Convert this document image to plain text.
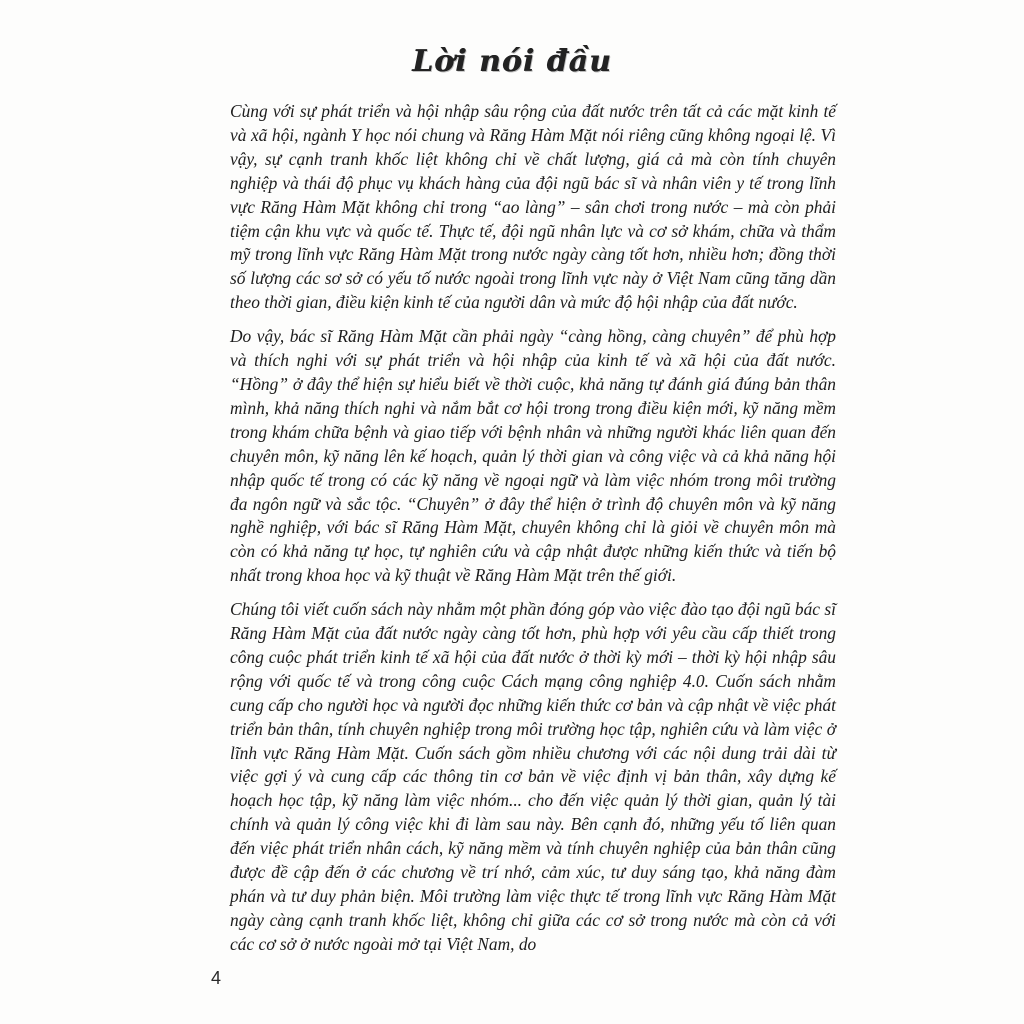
Lời nói đầu

Cùng với sự phát triển và hội nhập sâu rộng của đất nước trên tất cả các mặt kinh tế và xã hội, ngành Y học nói chung và Răng Hàm Mặt nói riêng cũng không ngoại lệ. Vì vậy, sự cạnh tranh khốc liệt không chỉ về chất lượng, giá cả mà còn tính chuyên nghiệp và thái độ phục vụ khách hàng của đội ngũ bác sĩ và nhân viên y tế trong lĩnh vực Răng Hàm Mặt không chỉ trong “ao làng” – sân chơi trong nước – mà còn phải tiệm cận khu vực và quốc tế. Thực tế, đội ngũ nhân lực và cơ sở khám, chữa và thẩm mỹ trong lĩnh vực Răng Hàm Mặt trong nước ngày càng tốt hơn, nhiều hơn; đồng thời số lượng các sơ sở có yếu tố nước ngoài trong lĩnh vực này ở Việt Nam cũng tăng dần theo thời gian, điều kiện kinh tế của người dân và mức độ hội nhập của đất nước.

Do vậy, bác sĩ Răng Hàm Mặt cần phải ngày “càng hồng, càng chuyên” để phù hợp và thích nghi với sự phát triển và hội nhập của kinh tế và xã hội của đất nước. “Hồng” ở đây thể hiện sự hiểu biết về thời cuộc, khả năng tự đánh giá đúng bản thân mình, khả năng thích nghi và nắm bắt cơ hội trong trong điều kiện mới, kỹ năng mềm trong khám chữa bệnh và giao tiếp với bệnh nhân và những người khác liên quan đến chuyên môn, kỹ năng lên kế hoạch, quản lý thời gian và công việc và cả khả năng hội nhập quốc tế trong có các kỹ năng về ngoại ngữ và làm việc nhóm trong môi trường đa ngôn ngữ và sắc tộc. “Chuyên” ở đây thể hiện ở trình độ chuyên môn và kỹ năng nghề nghiệp, với bác sĩ Răng Hàm Mặt, chuyên không chỉ là giỏi về chuyên môn mà còn có khả năng tự học, tự nghiên cứu và cập nhật được những kiến thức và tiến bộ nhất trong khoa học và kỹ thuật về Răng Hàm Mặt trên thế giới.

Chúng tôi viết cuốn sách này nhằm một phần đóng góp vào việc đào tạo đội ngũ bác sĩ Răng Hàm Mặt của đất nước ngày càng tốt hơn, phù hợp với yêu cầu cấp thiết trong công cuộc phát triển kinh tế xã hội của đất nước ở thời kỳ mới – thời kỳ hội nhập sâu rộng với quốc tế và trong công cuộc Cách mạng công nghiệp 4.0. Cuốn sách nhằm cung cấp cho người học và người đọc những kiến thức cơ bản và cập nhật về việc phát triển bản thân, tính chuyên nghiệp trong môi trường học tập, nghiên cứu và làm việc ở lĩnh vực Răng Hàm Mặt. Cuốn sách gồm nhiều chương với các nội dung trải dài từ việc gợi ý và cung cấp các thông tin cơ bản về việc định vị bản thân, xây dựng kế hoạch học tập, kỹ năng làm việc nhóm... cho đến việc quản lý thời gian, quản lý tài chính và quản lý công việc khi đi làm sau này. Bên cạnh đó, những yếu tố liên quan đến việc phát triển nhân cách, kỹ năng mềm và tính chuyên nghiệp của bản thân cũng được đề cập đến ở các chương về trí nhớ, cảm xúc, tư duy sáng tạo, khả năng đàm phán và tư duy phản biện. Môi trường làm việc thực tế trong lĩnh vực Răng Hàm Mặt ngày càng cạnh tranh khốc liệt, không chỉ giữa các cơ sở trong nước mà còn cả với các cơ sở ở nước ngoài mở tại Việt Nam, do

4
